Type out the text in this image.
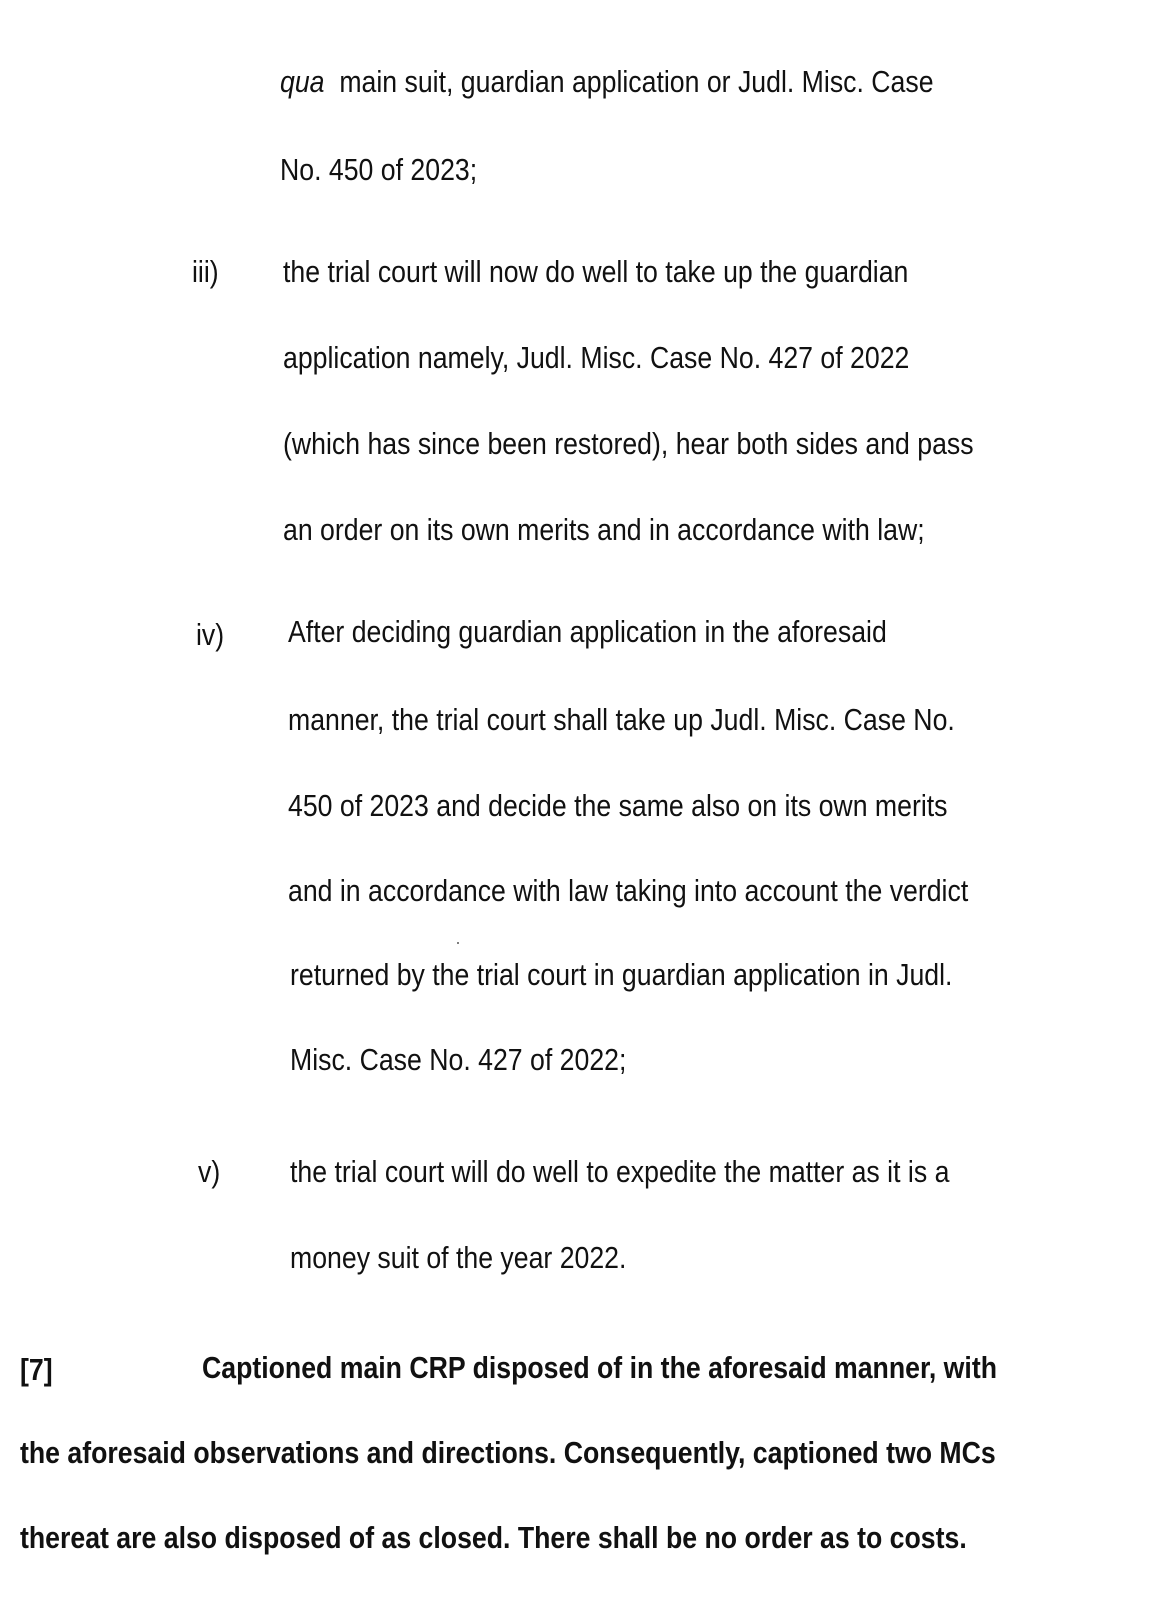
qua main suit, guardian application or Judl. Misc. Case
No. 450 of 2023;
iii) the trial court will now do well to take up the guardian
application namely, Judl. Misc. Case No. 427 of 2022
(which has since been restored), hear both sides and pass
an order on its own merits and in accordance with law;
iv) After deciding guardian application in the aforesaid
manner, the trial court shall take up Judl. Misc. Case No.
450 of 2023 and decide the same also on its own merits
and in accordance with law taking into account the verdict
returned by the trial court in guardian application in Judl.
Misc. Case No. 427 of 2022;
v) the trial court will do well to expedite the matter as it is a
money suit of the year 2022.
[7]	Captioned main CRP disposed of in the aforesaid manner, with
the aforesaid observations and directions. Consequently, captioned two MCs
thereat are also disposed of as closed. There shall be no order as to costs.
